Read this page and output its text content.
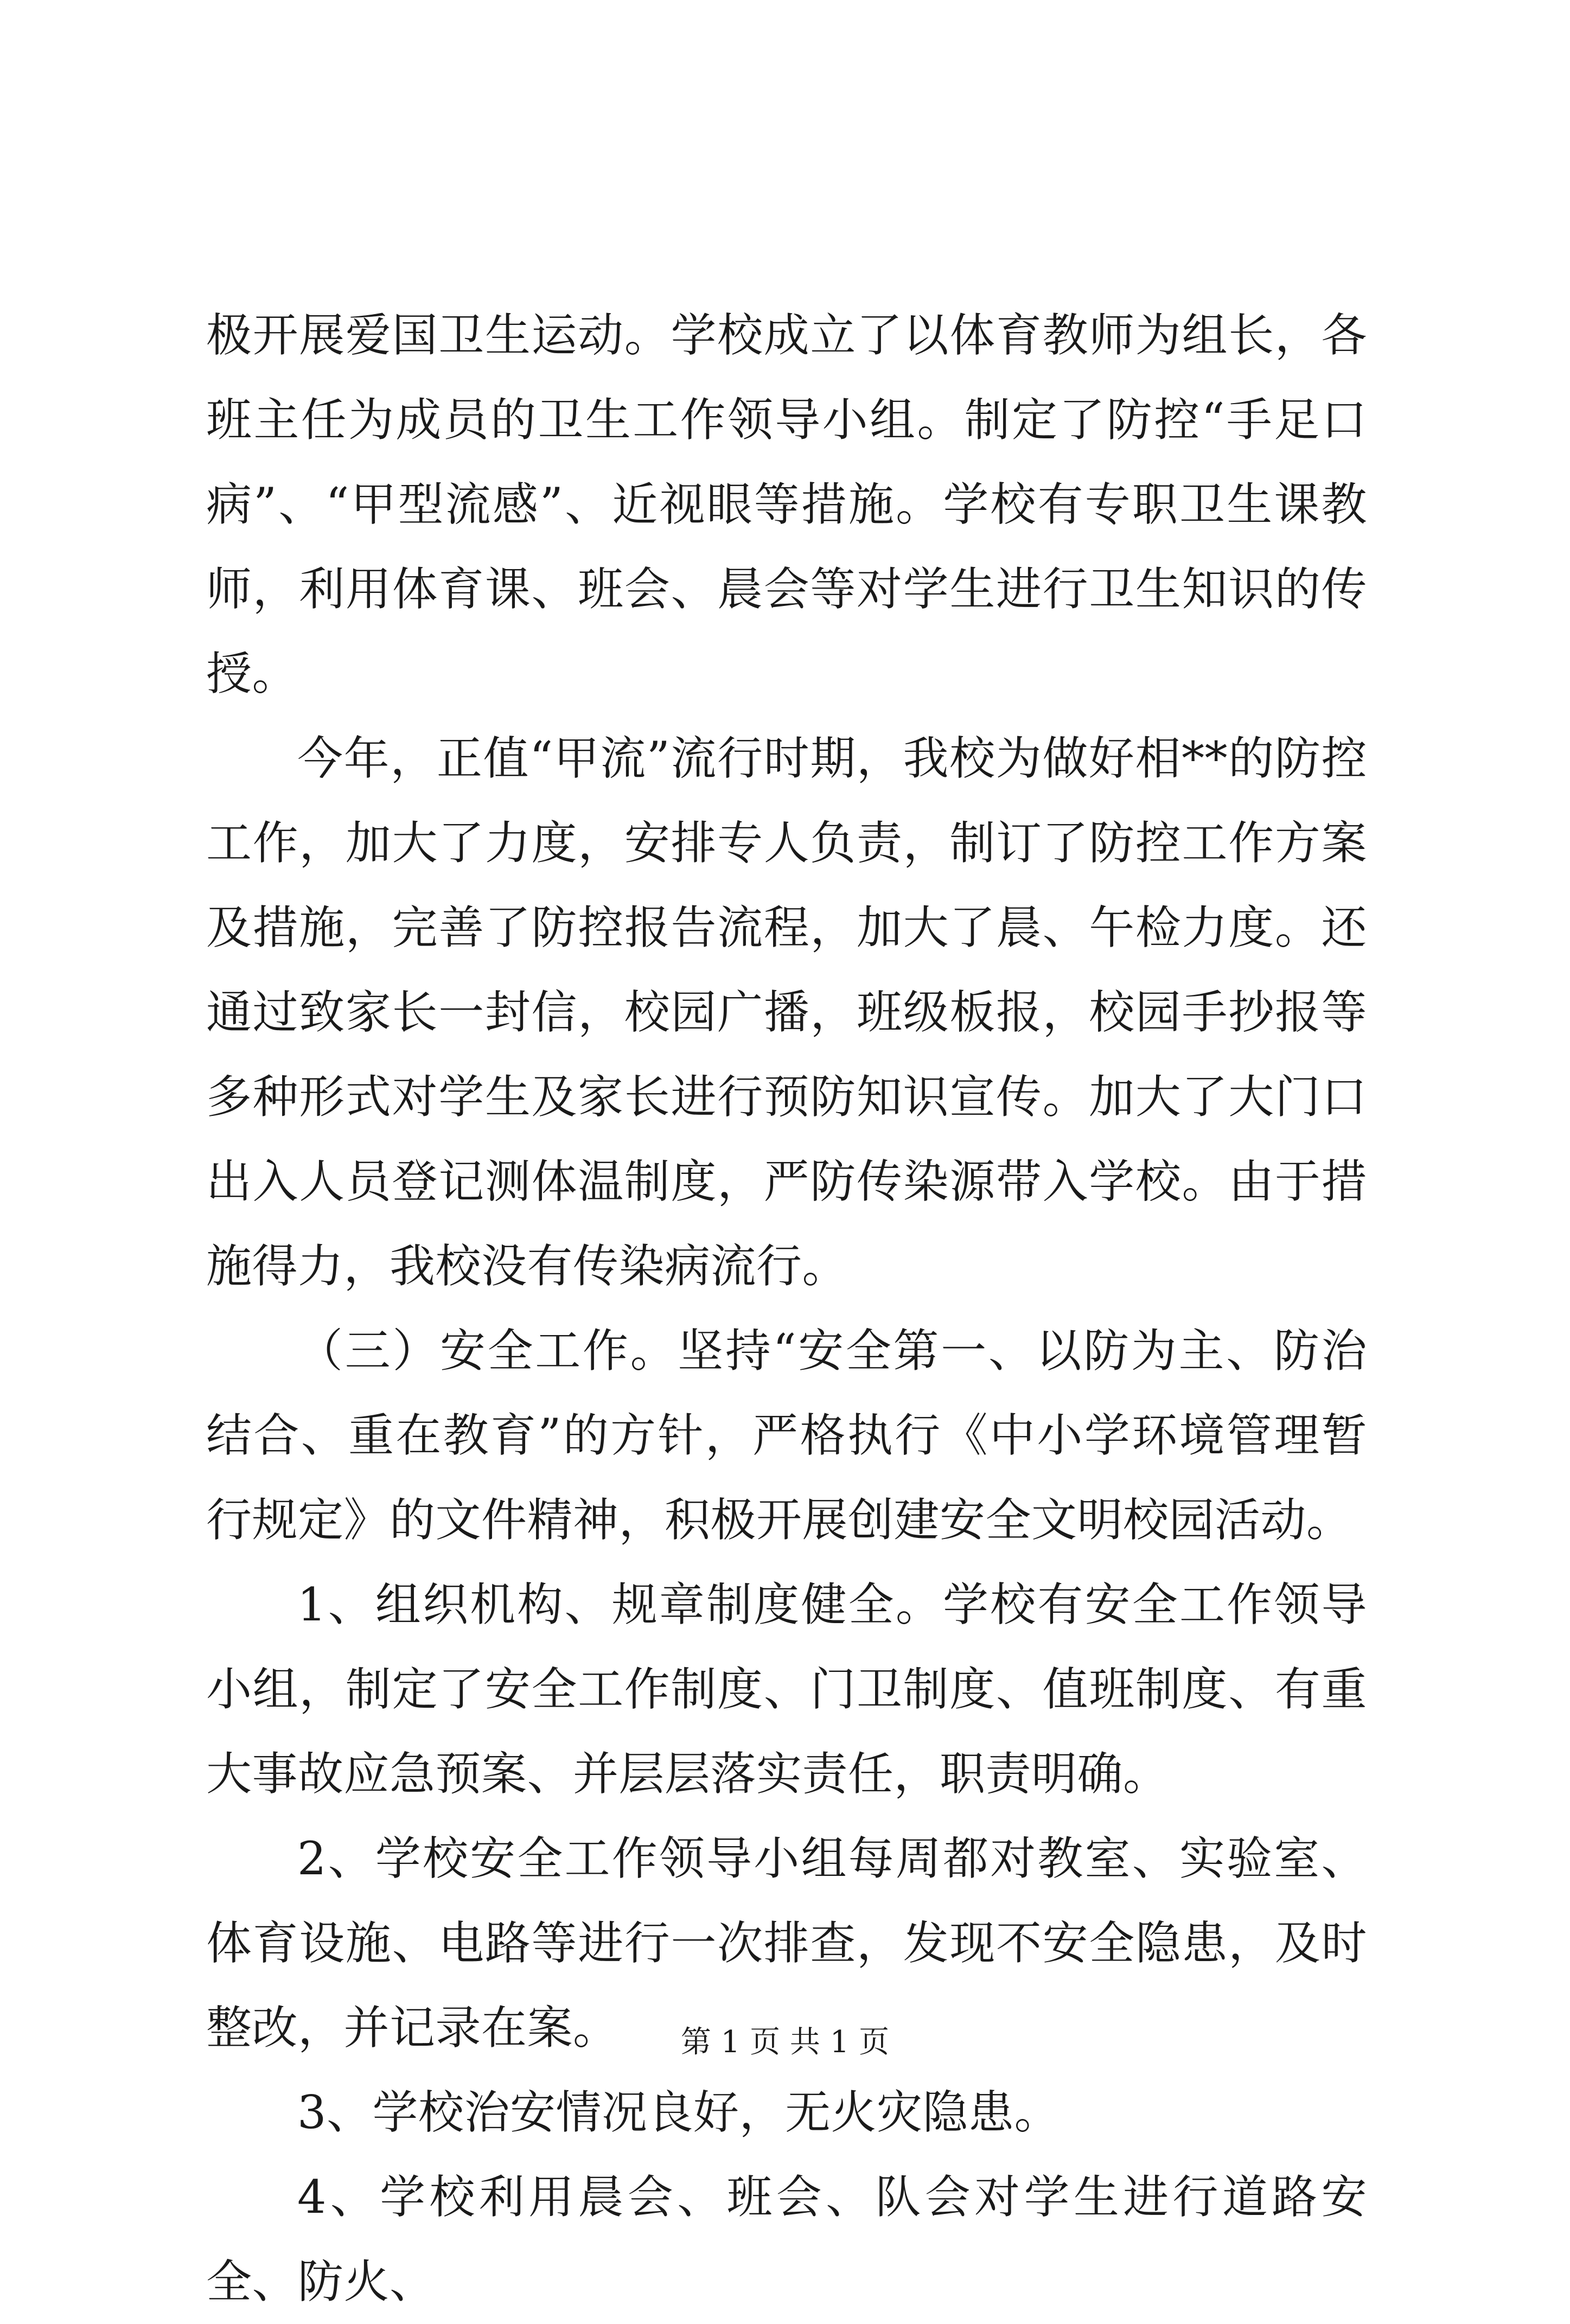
极开展爱国卫生运动。学校成立了以体育教师为组长，各班主任为成员的卫生工作领导小组。制定了防控“手足口病”、“甲型流感”、近视眼等措施。学校有专职卫生课教师，利用体育课、班会、晨会等对学生进行卫生知识的传授。

今年，正值“甲流”流行时期，我校为做好相**的防控工作，加大了力度，安排专人负责，制订了防控工作方案及措施，完善了防控报告流程，加大了晨、午检力度。还通过致家长一封信，校园广播，班级板报，校园手抄报等多种形式对学生及家长进行预防知识宣传。加大了大门口出入人员登记测体温制度，严防传染源带入学校。由于措施得力，我校没有传染病流行。

（三）安全工作。坚持“安全第一、以防为主、防治结合、重在教育”的方针，严格执行《中小学环境管理暂行规定》的文件精神，积极开展创建安全文明校园活动。

1、组织机构、规章制度健全。学校有安全工作领导小组，制定了安全工作制度、门卫制度、值班制度、有重大事故应急预案、并层层落实责任，职责明确。

2、学校安全工作领导小组每周都对教室、实验室、体育设施、电路等进行一次排查，发现不安全隐患，及时整改，并记录在案。

3、学校治安情况良好，无火灾隐患。

4、学校利用晨会、班会、队会对学生进行道路安全、防火、

第 1 页 共 1 页
